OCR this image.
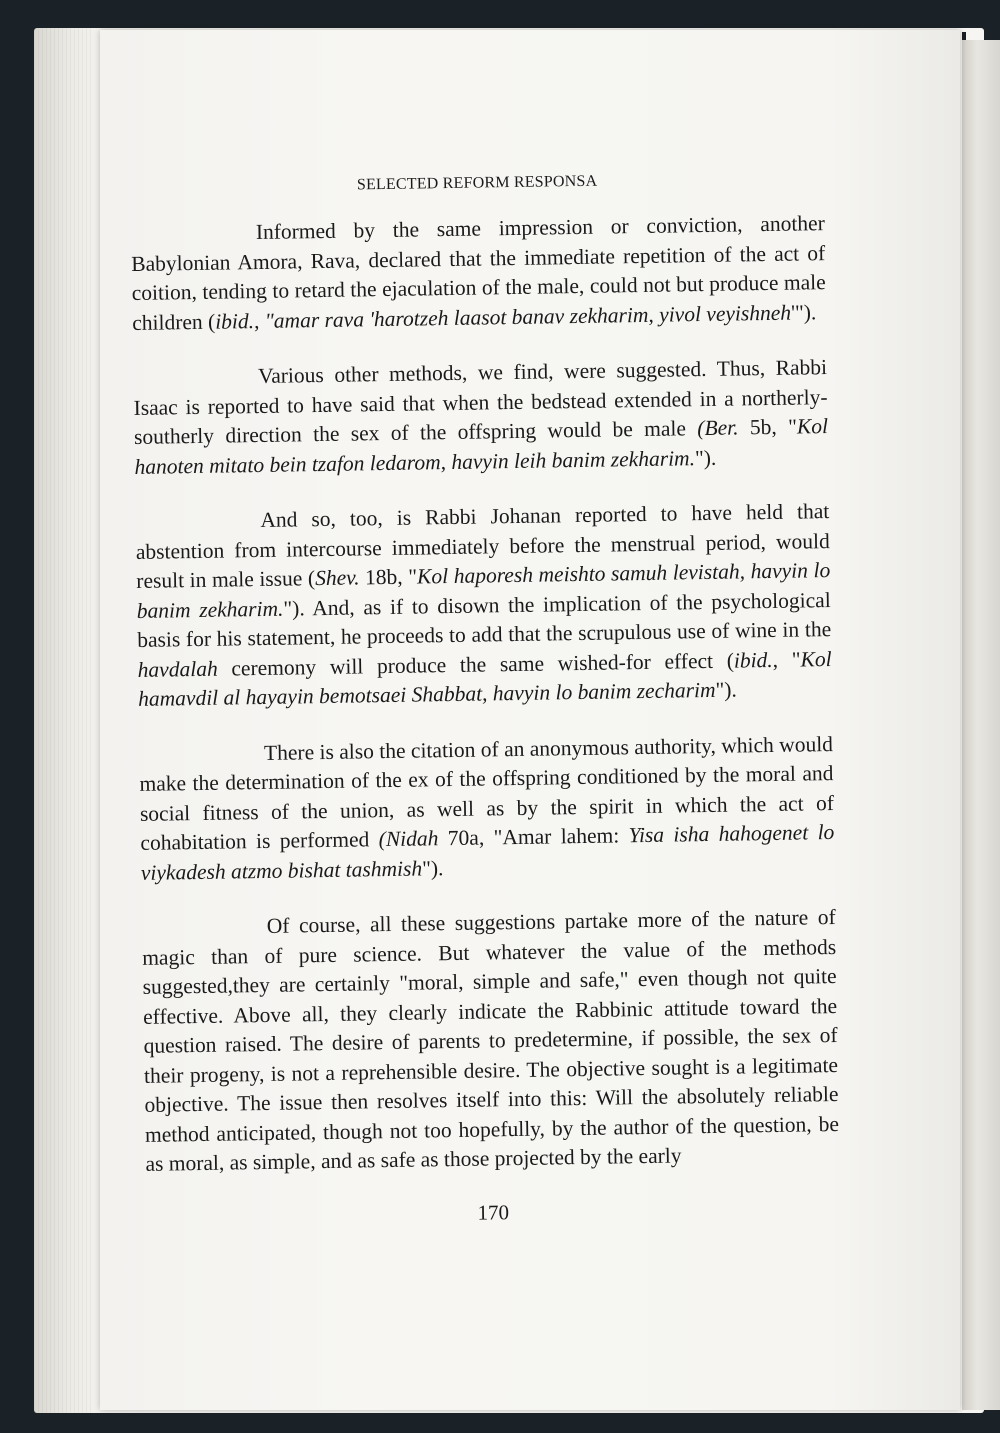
SELECTED REFORM RESPONSA

Informed by the same impression or conviction, another Babylonian Amora, Rava, declared that the immediate repetition of the act of coition, tending to retard the ejaculation of the male, could not but produce male children (ibid., "amar rava 'harotzeh laasot banav zekharim, yivol veyishneh'").

Various other methods, we find, were suggested. Thus, Rabbi Isaac is reported to have said that when the bedstead extended in a northerly-southerly direction the sex of the offspring would be male (Ber. 5b, "Kol hanoten mitato bein tzafon ledarom, havyin leih banim zekharim.").

And so, too, is Rabbi Johanan reported to have held that abstention from intercourse immediately before the menstrual period, would result in male issue (Shev. 18b, "Kol haporesh meishto samuh levistah, havyin lo banim zekharim."). And, as if to disown the implication of the psychological basis for his statement, he proceeds to add that the scrupulous use of wine in the havdalah ceremony will produce the same wished-for effect (ibid., "Kol hamavdil al hayayin bemotsaei Shabbat, havyin lo banim zecharim").

There is also the citation of an anonymous authority, which would make the determination of the ex of the offspring conditioned by the moral and social fitness of the union, as well as by the spirit in which the act of cohabitation is performed (Nidah 70a, "Amar lahem: Yisa isha hahogenet lo viykadesh atzmo bishat tashmish").

Of course, all these suggestions partake more of the nature of magic than of pure science. But whatever the value of the methods suggested,they are certainly "moral, simple and safe," even though not quite effective. Above all, they clearly indicate the Rabbinic attitude toward the question raised. The desire of parents to predetermine, if possible, the sex of their progeny, is not a reprehensible desire. The objective sought is a legitimate objective. The issue then resolves itself into this: Will the absolutely reliable method anticipated, though not too hopefully, by the author of the question, be as moral, as simple, and as safe as those projected by the early

170
